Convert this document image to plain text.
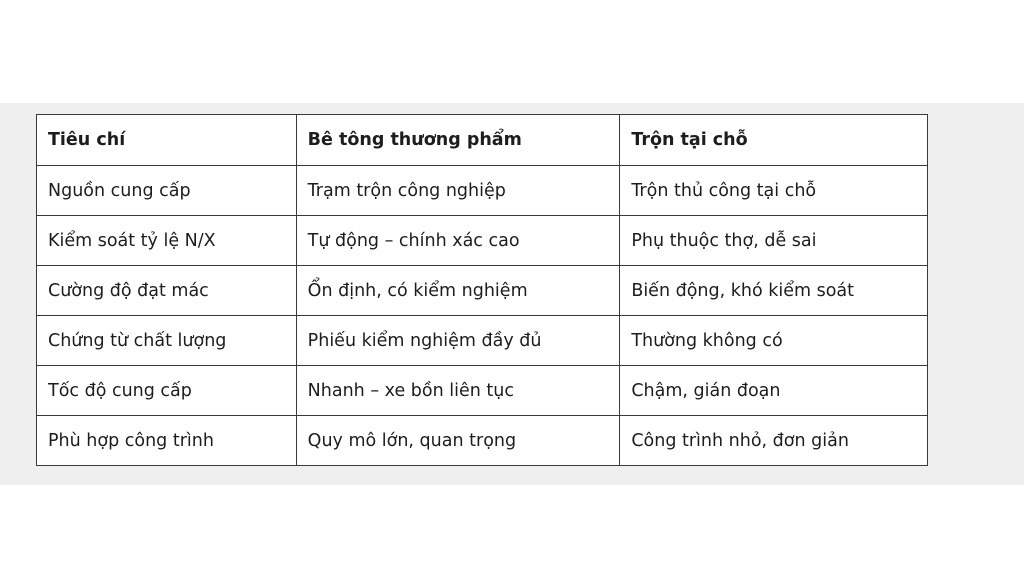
Tiêu chí	Bê tông thương phẩm	Trộn tại chỗ
Nguồn cung cấp	Trạm trộn công nghiệp	Trộn thủ công tại chỗ
Kiểm soát tỷ lệ N/X	Tự động – chính xác cao	Phụ thuộc thợ, dễ sai
Cường độ đạt mác	Ổn định, có kiểm nghiệm	Biến động, khó kiểm soát
Chứng từ chất lượng	Phiếu kiểm nghiệm đầy đủ	Thường không có
Tốc độ cung cấp	Nhanh – xe bồn liên tục	Chậm, gián đoạn
Phù hợp công trình	Quy mô lớn, quan trọng	Công trình nhỏ, đơn giản
